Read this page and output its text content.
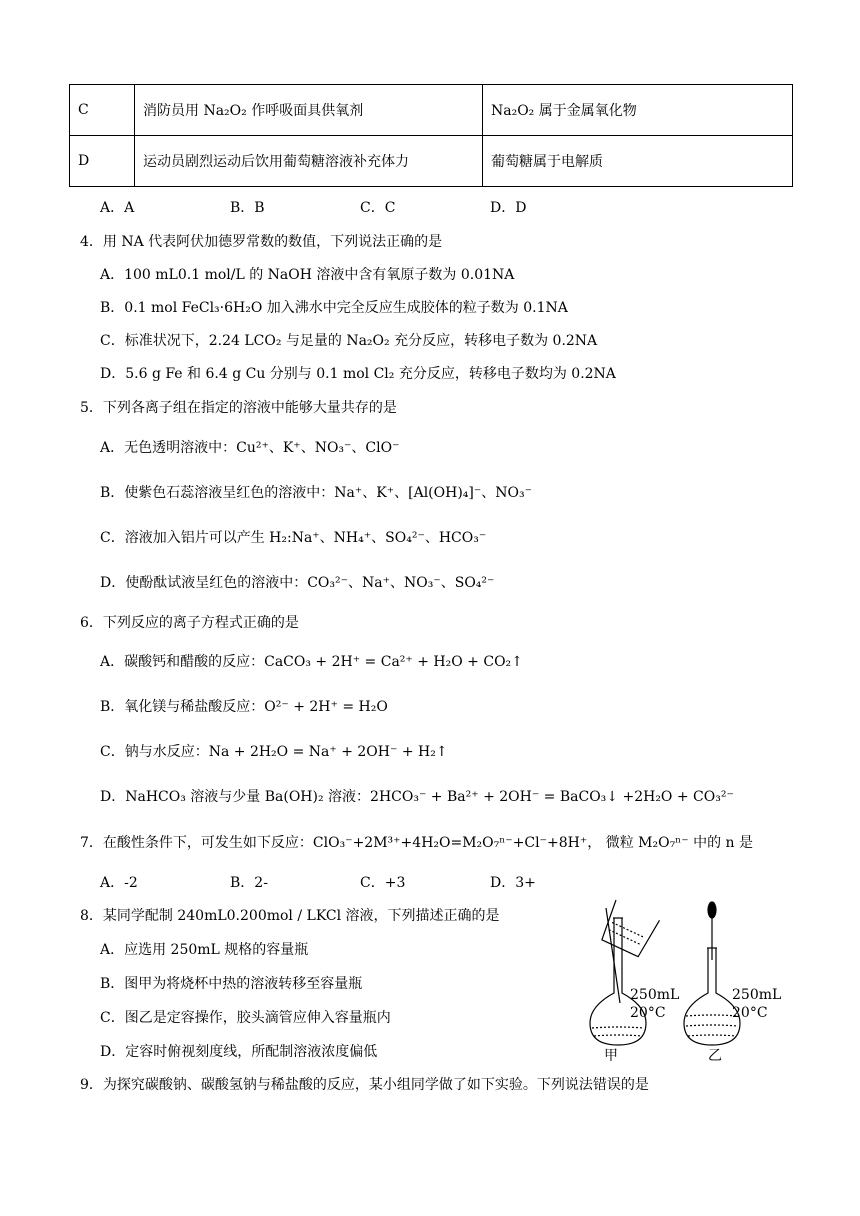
C	消防员用 Na₂O₂ 作呼吸面具供氧剂	Na₂O₂ 属于金属氧化物
D	运动员剧烈运动后饮用葡萄糖溶液补充体力	葡萄糖属于电解质
A．A	B．B	C．C	D．D
4．用 NA 代表阿伏加德罗常数的数值，下列说法正确的是
A．100 mL0.1 mol/L 的 NaOH 溶液中含有氧原子数为 0.01NA
B．0.1 mol FeCl₃·6H₂O 加入沸水中完全反应生成胶体的粒子数为 0.1NA
C．标准状况下，2.24 LCO₂ 与足量的 Na₂O₂ 充分反应，转移电子数为 0.2NA
D．5.6 g Fe 和 6.4 g Cu 分别与 0.1 mol Cl₂ 充分反应，转移电子数均为 0.2NA
5．下列各离子组在指定的溶液中能够大量共存的是
A．无色透明溶液中：Cu²⁺、K⁺、NO₃⁻、ClO⁻
B．使紫色石蕊溶液呈红色的溶液中：Na⁺、K⁺、[Al(OH)₄]⁻、NO₃⁻
C．溶液加入铝片可以产生 H₂:Na⁺、NH₄⁺、SO₄²⁻、HCO₃⁻
D．使酚酞试液呈红色的溶液中：CO₃²⁻、Na⁺、NO₃⁻、SO₄²⁻
6．下列反应的离子方程式正确的是
A．碳酸钙和醋酸的反应：CaCO₃ + 2H⁺ = Ca²⁺ + H₂O + CO₂↑
B．氧化镁与稀盐酸反应：O²⁻ + 2H⁺ = H₂O
C．钠与水反应：Na + 2H₂O = Na⁺ + 2OH⁻ + H₂↑
D．NaHCO₃ 溶液与少量 Ba(OH)₂ 溶液：2HCO₃⁻ + Ba²⁺ + 2OH⁻ = BaCO₃↓ +2H₂O + CO₃²⁻
7．在酸性条件下，可发生如下反应：ClO₃⁻+2M³⁺+4H₂O=M₂O₇ⁿ⁻+Cl⁻+8H⁺， 微粒 M₂O₇ⁿ⁻ 中的 n 是
A．-2	B．2-	C．+3	D．3+
8．某同学配制 240mL0.200mol / LKCl 溶液，下列描述正确的是
A．应选用 250mL 规格的容量瓶
B．图甲为将烧杯中热的溶液转移至容量瓶
C．图乙是定容操作，胶头滴管应伸入容量瓶内
D．定容时俯视刻度线，所配制溶液浓度偏低
250mL
20°C
250mL
20°C
甲	乙
9．为探究碳酸钠、碳酸氢钠与稀盐酸的反应，某小组同学做了如下实验。下列说法错误的是
